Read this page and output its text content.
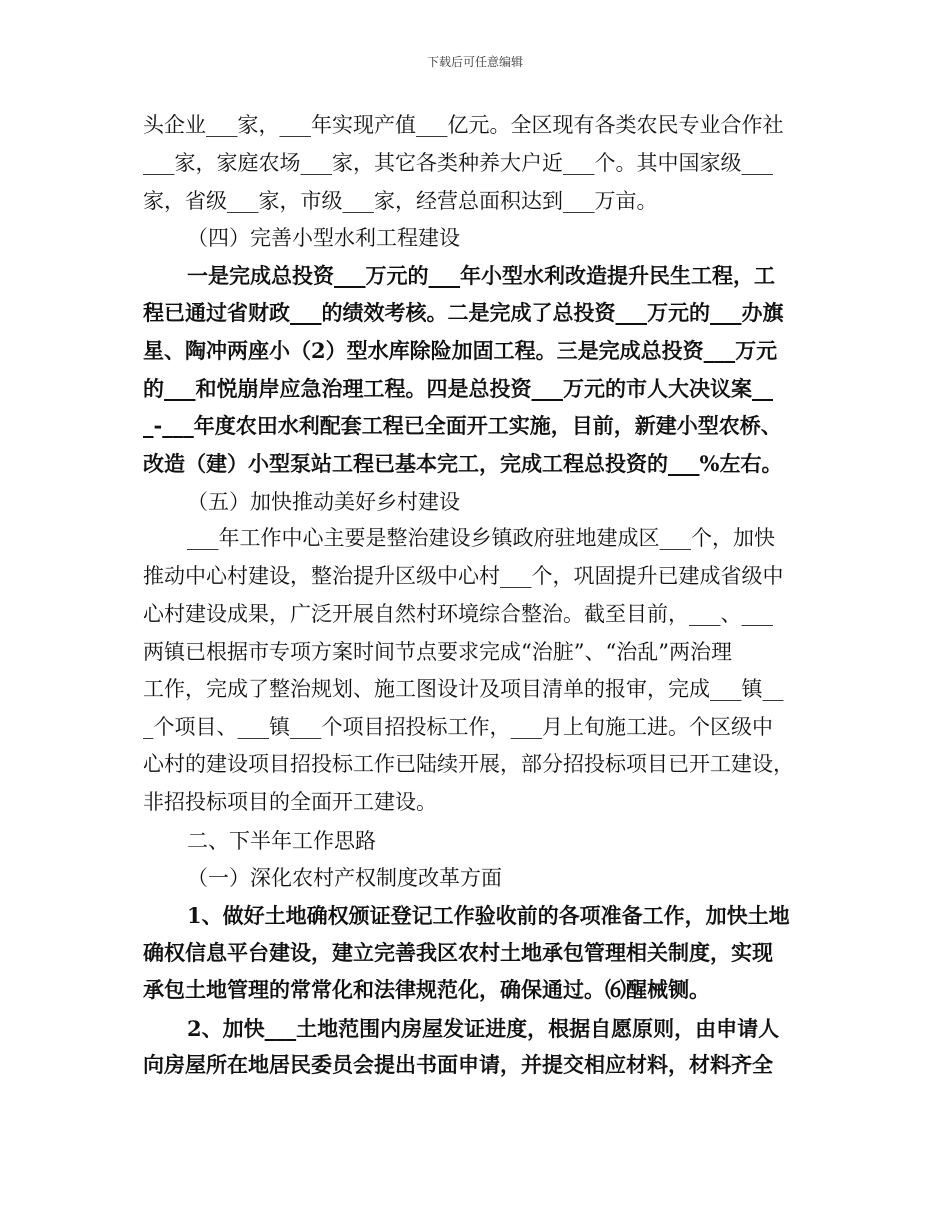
下载后可任意编辑
头企业___家，___年实现产值___亿元。全区现有各类农民专业合作社
___家，家庭农场___家，其它各类种养大户近___个。其中国家级___
家，省级___家，市级___家，经营总面积达到___万亩。
（四）完善小型水利工程建设
一是完成总投资___万元的___年小型水利改造提升民生工程，工
程已通过省财政___的绩效考核。二是完成了总投资___万元的___办旗
星、陶冲两座小（2）型水库除险加固工程。三是完成总投资___万元
的___和悦崩岸应急治理工程。四是总投资___万元的市人大决议案__
_-___年度农田水利配套工程已全面开工实施，目前，新建小型农桥、
改造（建）小型泵站工程已基本完工，完成工程总投资的___%左右。
（五）加快推动美好乡村建设
___年工作中心主要是整治建设乡镇政府驻地建成区___个，加快
推动中心村建设，整治提升区级中心村___个，巩固提升已建成省级中
心村建设成果，广泛开展自然村环境综合整治。截至目前，___、___
两镇已根据市专项方案时间节点要求完成“治脏”、“治乱”两治理
工作，完成了整治规划、施工图设计及项目清单的报审，完成___镇__
_个项目、___镇___个项目招投标工作，___月上旬施工进。个区级中
心村的建设项目招投标工作已陆续开展，部分招投标项目已开工建设，
非招投标项目的全面开工建设。
二、下半年工作思路
（一）深化农村产权制度改革方面
1、做好土地确权颁证登记工作验收前的各项准备工作，加快土地
确权信息平台建设，建立完善我区农村土地承包管理相关制度，实现
承包土地管理的常常化和法律规范化，确保通过。⑹醒械铡。
2、加快___土地范围内房屋发证进度，根据自愿原则，由申请人
向房屋所在地居民委员会提出书面申请，并提交相应材料，材料齐全
